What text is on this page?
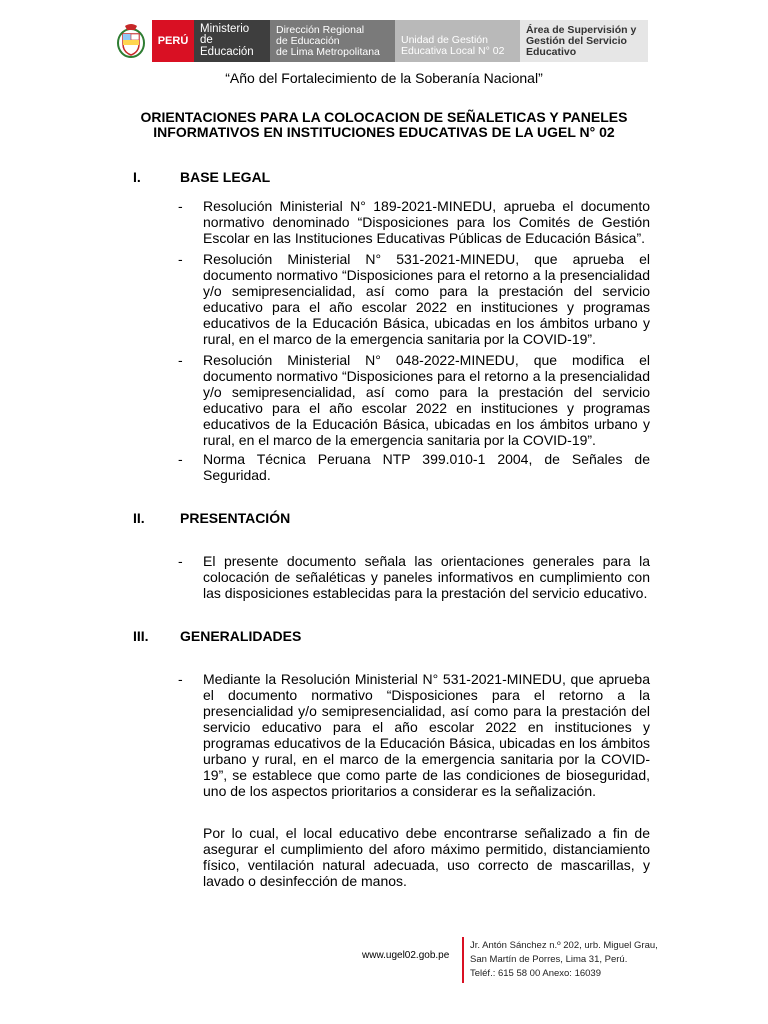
PERÚ
Ministerio
de Educación
Dirección Regional
de Educación
de Lima Metropolitana
Unidad de Gestión
Educativa Local N° 02
Área de Supervisión y
Gestión del Servicio
Educativo
“Año del Fortalecimiento de la Soberanía Nacional”
ORIENTACIONES PARA LA COLOCACION DE SEÑALETICAS Y PANELES
INFORMATIVOS EN INSTITUCIONES EDUCATIVAS DE LA UGEL N° 02
I.	BASE LEGAL
- Resolución Ministerial N° 189-2021-MINEDU, aprueba el documento normativo denominado “Disposiciones para los Comités de Gestión Escolar en las Instituciones Educativas Públicas de Educación Básica”.
- Resolución Ministerial N° 531-2021-MINEDU, que aprueba el documento normativo “Disposiciones para el retorno a la presencialidad y/o semipresencialidad, así como para la prestación del servicio educativo para el año escolar 2022 en instituciones y programas educativos de la Educación Básica, ubicadas en los ámbitos urbano y rural, en el marco de la emergencia sanitaria por la COVID-19”.
- Resolución Ministerial N° 048-2022-MINEDU, que modifica el documento normativo “Disposiciones para el retorno a la presencialidad y/o semipresencialidad, así como para la prestación del servicio educativo para el año escolar 2022 en instituciones y programas educativos de la Educación Básica, ubicadas en los ámbitos urbano y rural, en el marco de la emergencia sanitaria por la COVID-19”.
- Norma Técnica Peruana NTP 399.010-1 2004, de Señales de Seguridad.
II.	PRESENTACIÓN
- El presente documento señala las orientaciones generales para la colocación de señaléticas y paneles informativos en cumplimiento con las disposiciones establecidas para la prestación del servicio educativo.
III. GENERALIDADES
- Mediante la Resolución Ministerial N° 531-2021-MINEDU, que aprueba el documento normativo “Disposiciones para el retorno a la presencialidad y/o semipresencialidad, así como para la prestación del servicio educativo para el año escolar 2022 en instituciones y programas educativos de la Educación Básica, ubicadas en los ámbitos urbano y rural, en el marco de la emergencia sanitaria por la COVID-19”, se establece que como parte de las condiciones de bioseguridad, uno de los aspectos prioritarios a considerar es la señalización.
Por lo cual, el local educativo debe encontrarse señalizado a fin de asegurar el cumplimiento del aforo máximo permitido, distanciamiento físico, ventilación natural adecuada, uso correcto de mascarillas, y lavado o desinfección de manos.
www.ugel02.gob.pe
Jr. Antón Sánchez n.º 202, urb. Miguel Grau,
San Martín de Porres, Lima 31, Perú.
Teléf.: 615 58 00 Anexo: 16039
